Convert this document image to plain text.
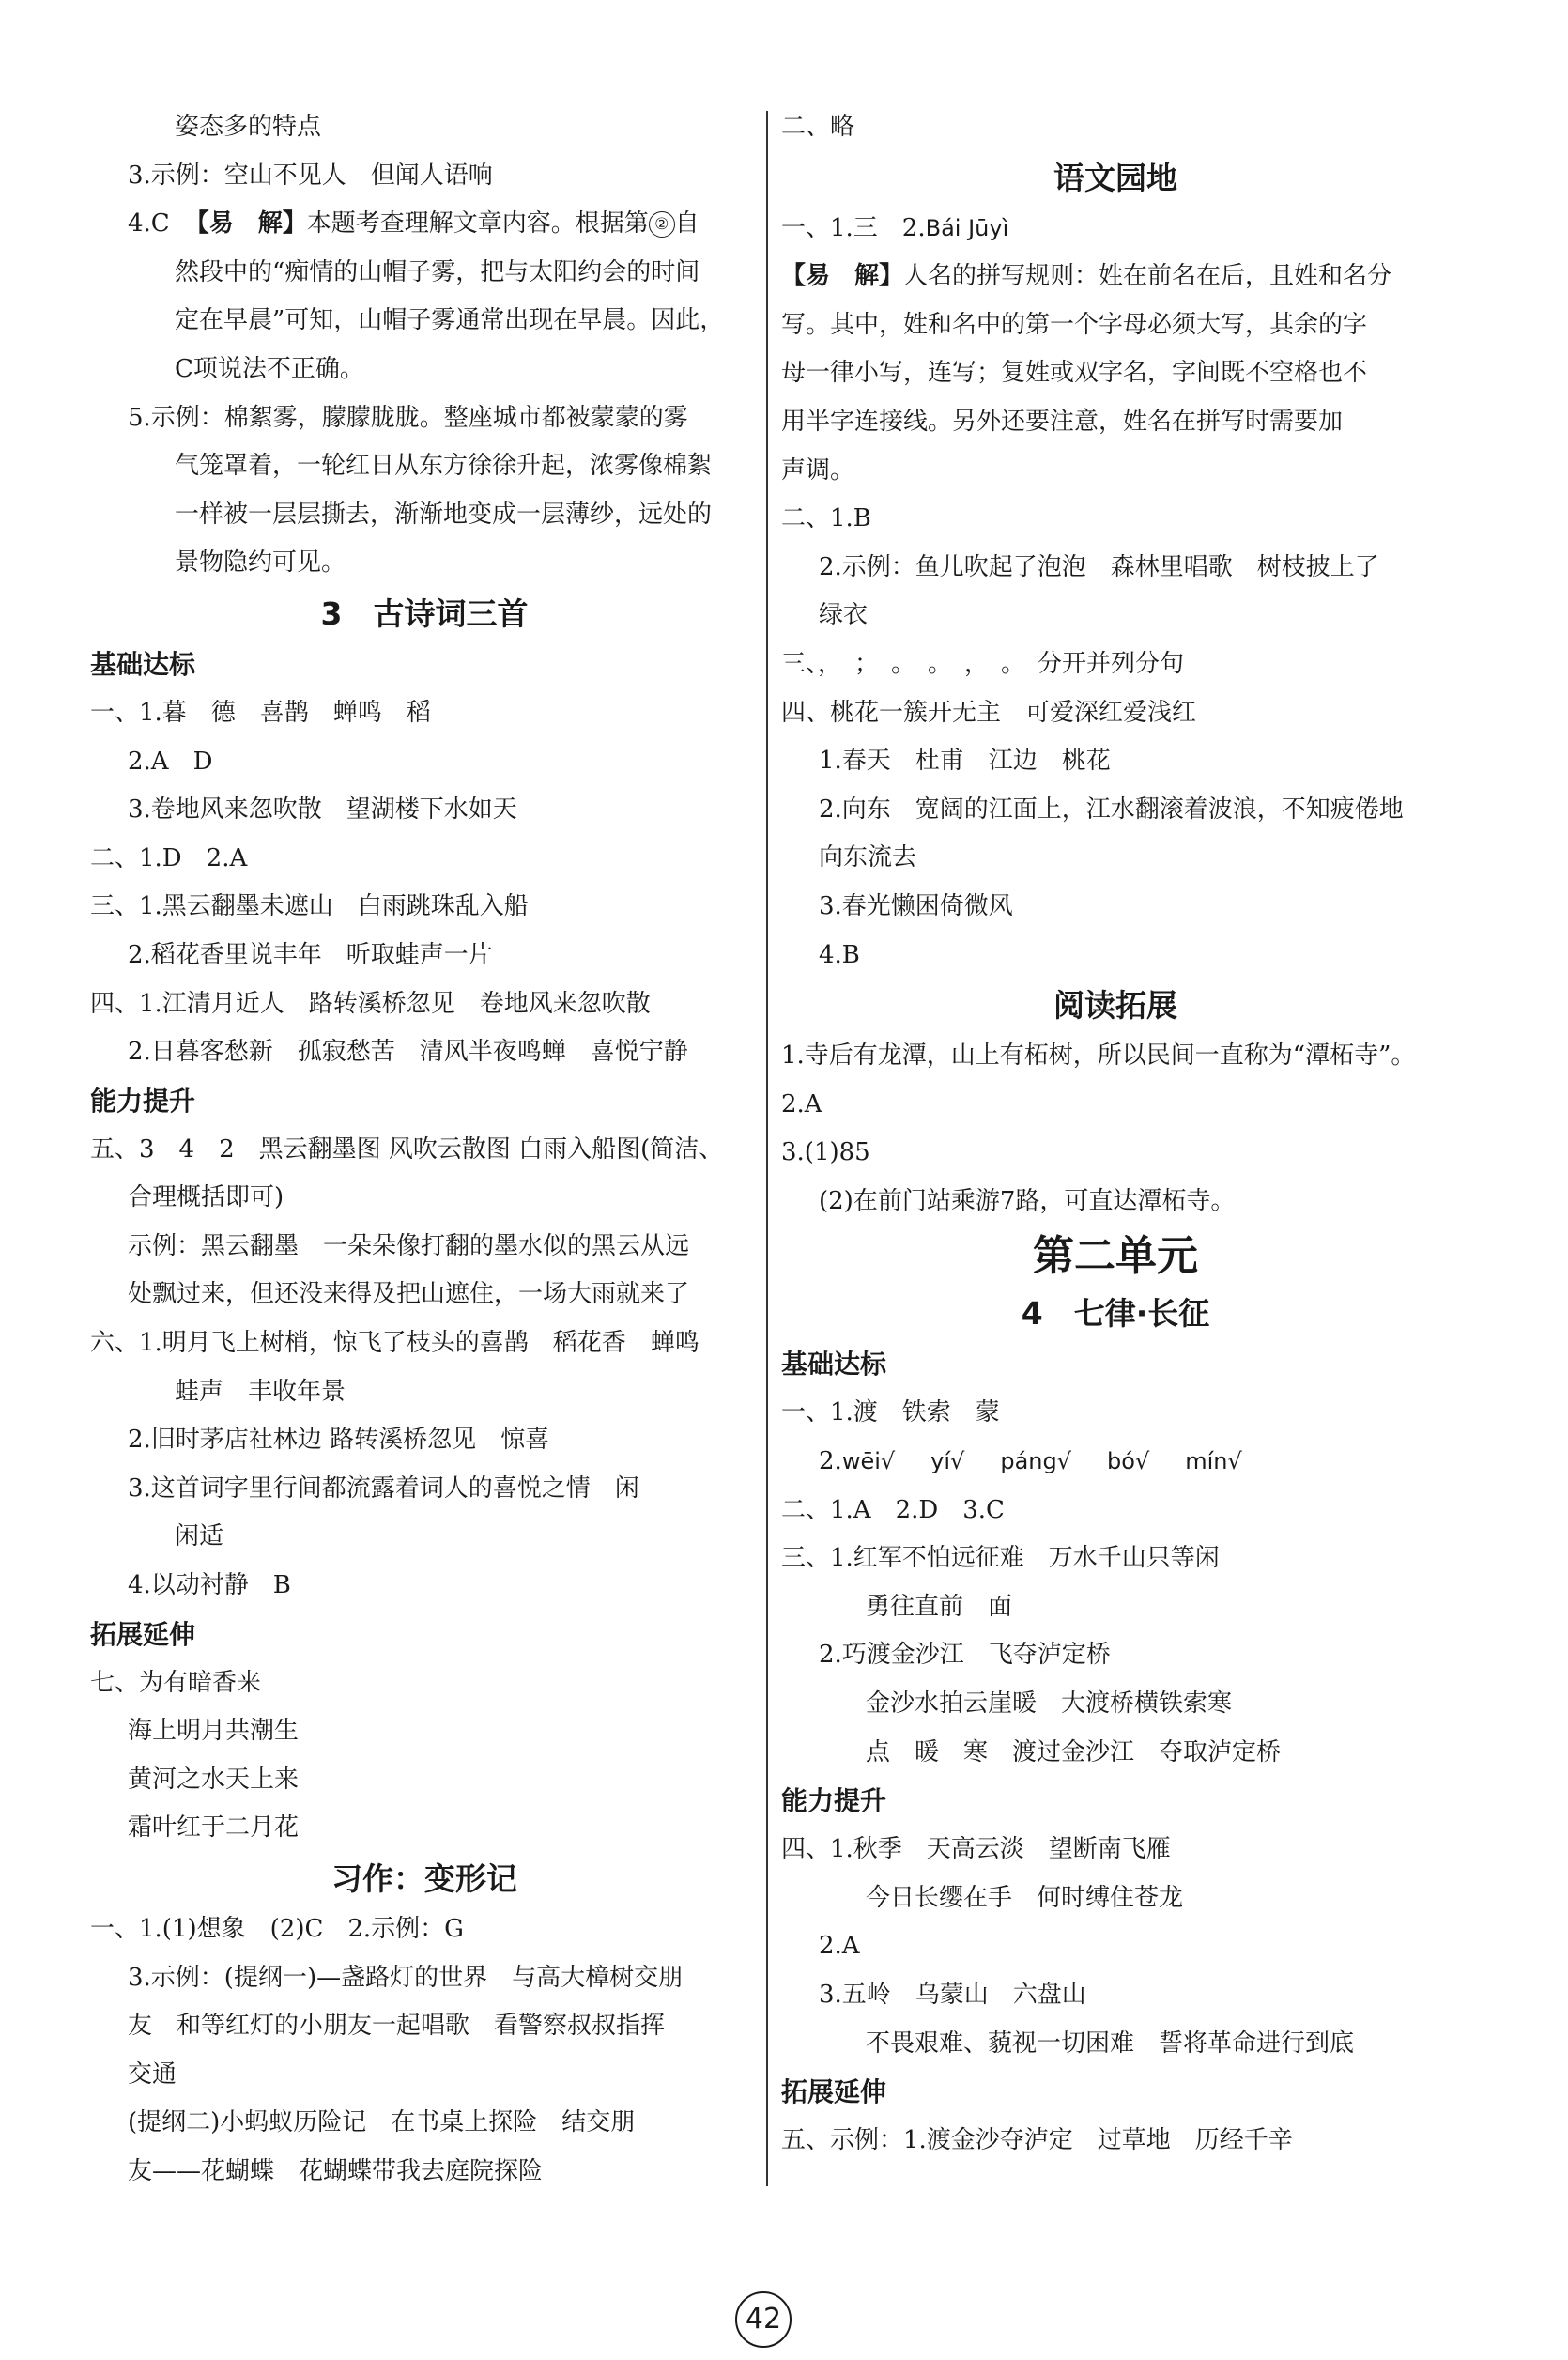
姿态多的特点
3.示例：空山不见人　但闻人语响
4.C 【易　解】本题考查理解文章内容。根据第 ② 自
然段中的“痴情的山帽子雾，把与太阳约会的时间
定在早晨”可知，山帽子雾通常出现在早晨。因此，
C项说法不正确。
5.示例：棉絮雾，朦朦胧胧。整座城市都被蒙蒙的雾
气笼罩着，一轮红日从东方徐徐升起，浓雾像棉絮
一样被一层层撕去，渐渐地变成一层薄纱，远处的
景物隐约可见。
3　古诗词三首
基础达标
一、1.暮　德　喜鹊　蝉鸣　稻
2.A　D
3.卷地风来忽吹散　望湖楼下水如天
二、1.D　2.A
三、1.黑云翻墨未遮山　白雨跳珠乱入船
2.稻花香里说丰年　听取蛙声一片
四、1.江清月近人　路转溪桥忽见　卷地风来忽吹散
2.日暮客愁新　孤寂愁苦　清风半夜鸣蝉　喜悦宁静
能力提升
五、3　4　2　黑云翻墨图 风吹云散图 白雨入船图(简洁、
合理概括即可)
示例：黑云翻墨　一朵朵像打翻的墨水似的黑云从远
处飘过来，但还没来得及把山遮住，一场大雨就来了
六、1.明月飞上树梢，惊飞了枝头的喜鹊　稻花香　蝉鸣
蛙声　丰收年景
2.旧时茅店社林边 路转溪桥忽见　惊喜
3.这首词字里行间都流露着词人的喜悦之情　闲
闲适
4.以动衬静　B
拓展延伸
七、为有暗香来
海上明月共潮生
黄河之水天上来
霜叶红于二月花
习作：变形记
一、1.(1)想象　(2)C　2.示例：G
3.示例：(提纲一)—盏路灯的世界　与高大樟树交朋
友　和等红灯的小朋友一起唱歌　看警察叔叔指挥
交通
(提纲二)小蚂蚁历险记　在书桌上探险　结交朋
友——花蝴蝶　花蝴蝶带我去庭院探险
二、略
语文园地
一、1.三　2.Bái Jūyì
【易　解】人名的拼写规则：姓在前名在后，且姓和名分
写。其中，姓和名中的第一个字母必须大写，其余的字
母一律小写，连写；复姓或双字名，字间既不空格也不
用半字连接线。另外还要注意，姓名在拼写时需要加
声调。
二、1.B
2.示例：鱼儿吹起了泡泡　森林里唱歌　树枝披上了
绿衣
三、，　；　。　。　，　。　分开并列分句
四、桃花一簇开无主　可爱深红爱浅红
1.春天　杜甫　江边　桃花
2.向东　宽阔的江面上，江水翻滚着波浪，不知疲倦地
向东流去
3.春光懒困倚微风
4.B
阅读拓展
1.寺后有龙潭，山上有柘树，所以民间一直称为“潭柘寺”。
2.A
3.(1)85
(2)在前门站乘游7路，可直达潭柘寺。
第二单元
4　七律·长征
基础达标
一、1.渡　铁索　蒙
2.wēi√ yí√ páng√ bó√ mín√
二、1.A　2.D　3.C
三、1.红军不怕远征难　万水千山只等闲
勇往直前　面
2.巧渡金沙江　飞夺泸定桥
金沙水拍云崖暖　大渡桥横铁索寒
点　暖　寒　渡过金沙江　夺取泸定桥
能力提升
四、1.秋季　天高云淡　望断南飞雁
今日长缨在手　何时缚住苍龙
2.A
3.五岭　乌蒙山　六盘山
不畏艰难、藐视一切困难　誓将革命进行到底
拓展延伸
五、示例：1.渡金沙夺泸定　过草地　历经千辛
42
